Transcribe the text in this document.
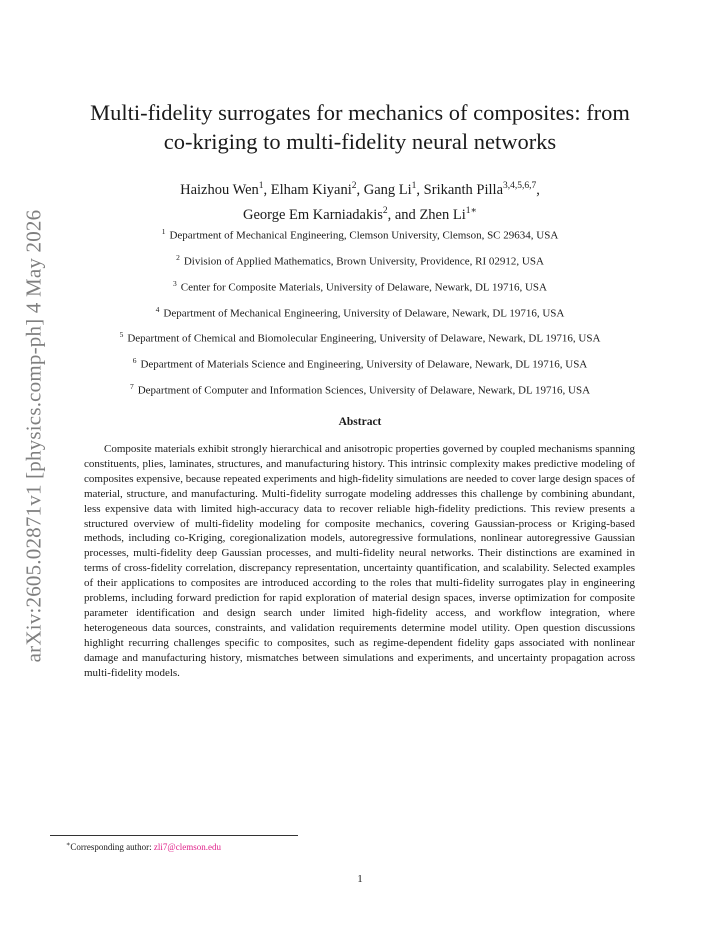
arXiv:2605.02871v1 [physics.comp-ph] 4 May 2026
Multi-fidelity surrogates for mechanics of composites: from
co-kriging to multi-fidelity neural networks
Haizhou Wen$^1$, Elham Kiyani$^2$, Gang Li$^1$, Srikanth Pilla$^{3,4,5,6,7}$,
George Em Karniadakis$^2$, and Zhen $Li^{1∗}$
$^1$ Department of Mechanical Engineering, Clemson University, Clemson, SC 29634, USA
$^2$ Division of Applied Mathematics, Brown University, Providence, RI 02912, USA
$^3$ Center for Composite Materials, University of Delaware, Newark, DL 19716, USA
$^4$ Department of Mechanical Engineering, University of Delaware, Newark, DL 19716, USA
$^5$ Department of Chemical and Biomolecular Engineering, University of Delaware, Newark, DL 19716, USA
$^6$ Department of Materials Science and Engineering, University of Delaware, Newark, DL 19716, USA
$^7$ Department of Computer and Information Sciences, University of Delaware, Newark, DL 19716, USA
Abstract
Composite materials exhibit strongly hierarchical and anisotropic properties governed by coupled mechanisms spanning constituents, plies, laminates, structures, and manufacturing history. This intrinsic complexity makes predictive modeling of composites expensive, because repeated experiments and high-fidelity simulations are needed to cover large design spaces of material, structure, and manufacturing. Multi-fidelity surrogate modeling addresses this challenge by combining abundant, less expensive data with limited high-accuracy data to recover reliable high-fidelity predictions. This review presents a structured overview of multi-fidelity modeling for composite mechanics, covering Gaussian-process or Kriging-based methods, including co-Kriging, coregionalization models, autoregressive formulations, nonlinear autoregressive Gaussian processes, multi-fidelity deep Gaussian processes, and multi-fidelity neural networks. Their distinctions are examined in terms of cross-fidelity correlation, discrepancy representation, uncertainty quantification, and scalability. Selected examples of their applications to composites are introduced according to the roles that multi-fidelity surrogates play in engineering problems, including forward prediction for rapid exploration of material design spaces, inverse optimization for composite parameter identification and design search under limited high-fidelity access, and workflow integration, where heterogeneous data sources, constraints, and validation requirements determine model utility. Open question discussions highlight recurring challenges specific to composites, such as regime-dependent fidelity gaps associated with nonlinear damage and manufacturing history, mismatches between simulations and experiments, and uncertainty propagation across multi-fidelity models.
∗Corresponding author: zli7@clemson.edu
1
